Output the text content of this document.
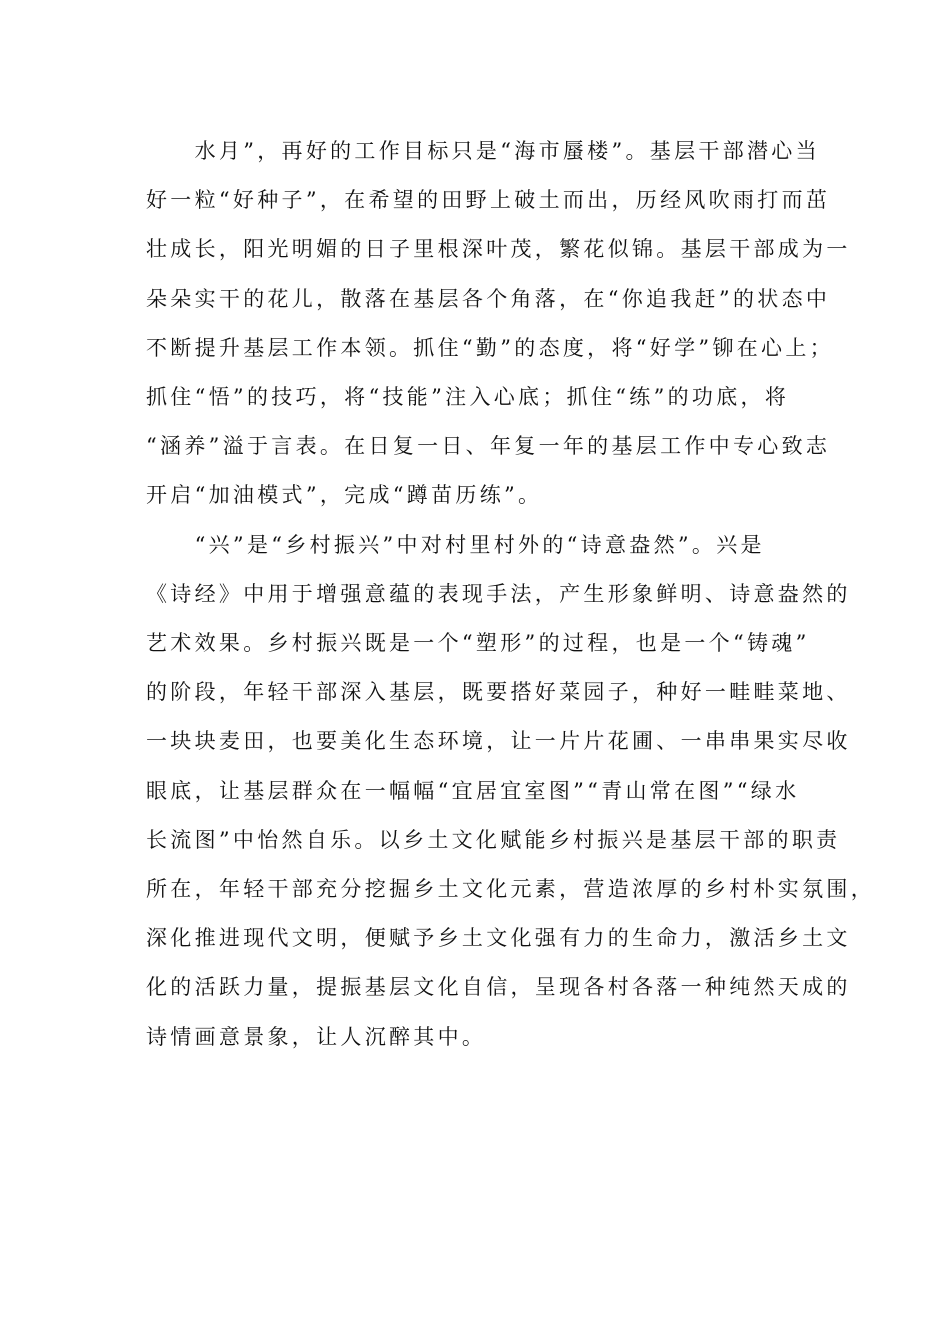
　　水月”，再好的工作目标只是“海市蜃楼”。基层干部潜心当
好一粒“好种子”，在希望的田野上破土而出，历经风吹雨打而茁
壮成长，阳光明媚的日子里根深叶茂，繁花似锦。基层干部成为一
朵朵实干的花儿，散落在基层各个角落，在“你追我赶”的状态中
不断提升基层工作本领。抓住“勤”的态度，将“好学”铆在心上；
抓住“悟”的技巧，将“技能”注入心底；抓住“练”的功底，将
“涵养”溢于言表。在日复一日、年复一年的基层工作中专心致志
开启“加油模式”，完成“蹲苗历练”。
　　“兴”是“乡村振兴”中对村里村外的“诗意盎然”。兴是
《诗经》中用于增强意蕴的表现手法，产生形象鲜明、诗意盎然的
艺术效果。乡村振兴既是一个“塑形”的过程，也是一个“铸魂”
的阶段，年轻干部深入基层，既要搭好菜园子，种好一畦畦菜地、
一块块麦田，也要美化生态环境，让一片片花圃、一串串果实尽收
眼底，让基层群众在一幅幅“宜居宜室图”“青山常在图”“绿水
长流图”中怡然自乐。以乡土文化赋能乡村振兴是基层干部的职责
所在，年轻干部充分挖掘乡土文化元素，营造浓厚的乡村朴实氛围，
深化推进现代文明，便赋予乡土文化强有力的生命力，激活乡土文
化的活跃力量，提振基层文化自信，呈现各村各落一种纯然天成的
诗情画意景象，让人沉醉其中。
